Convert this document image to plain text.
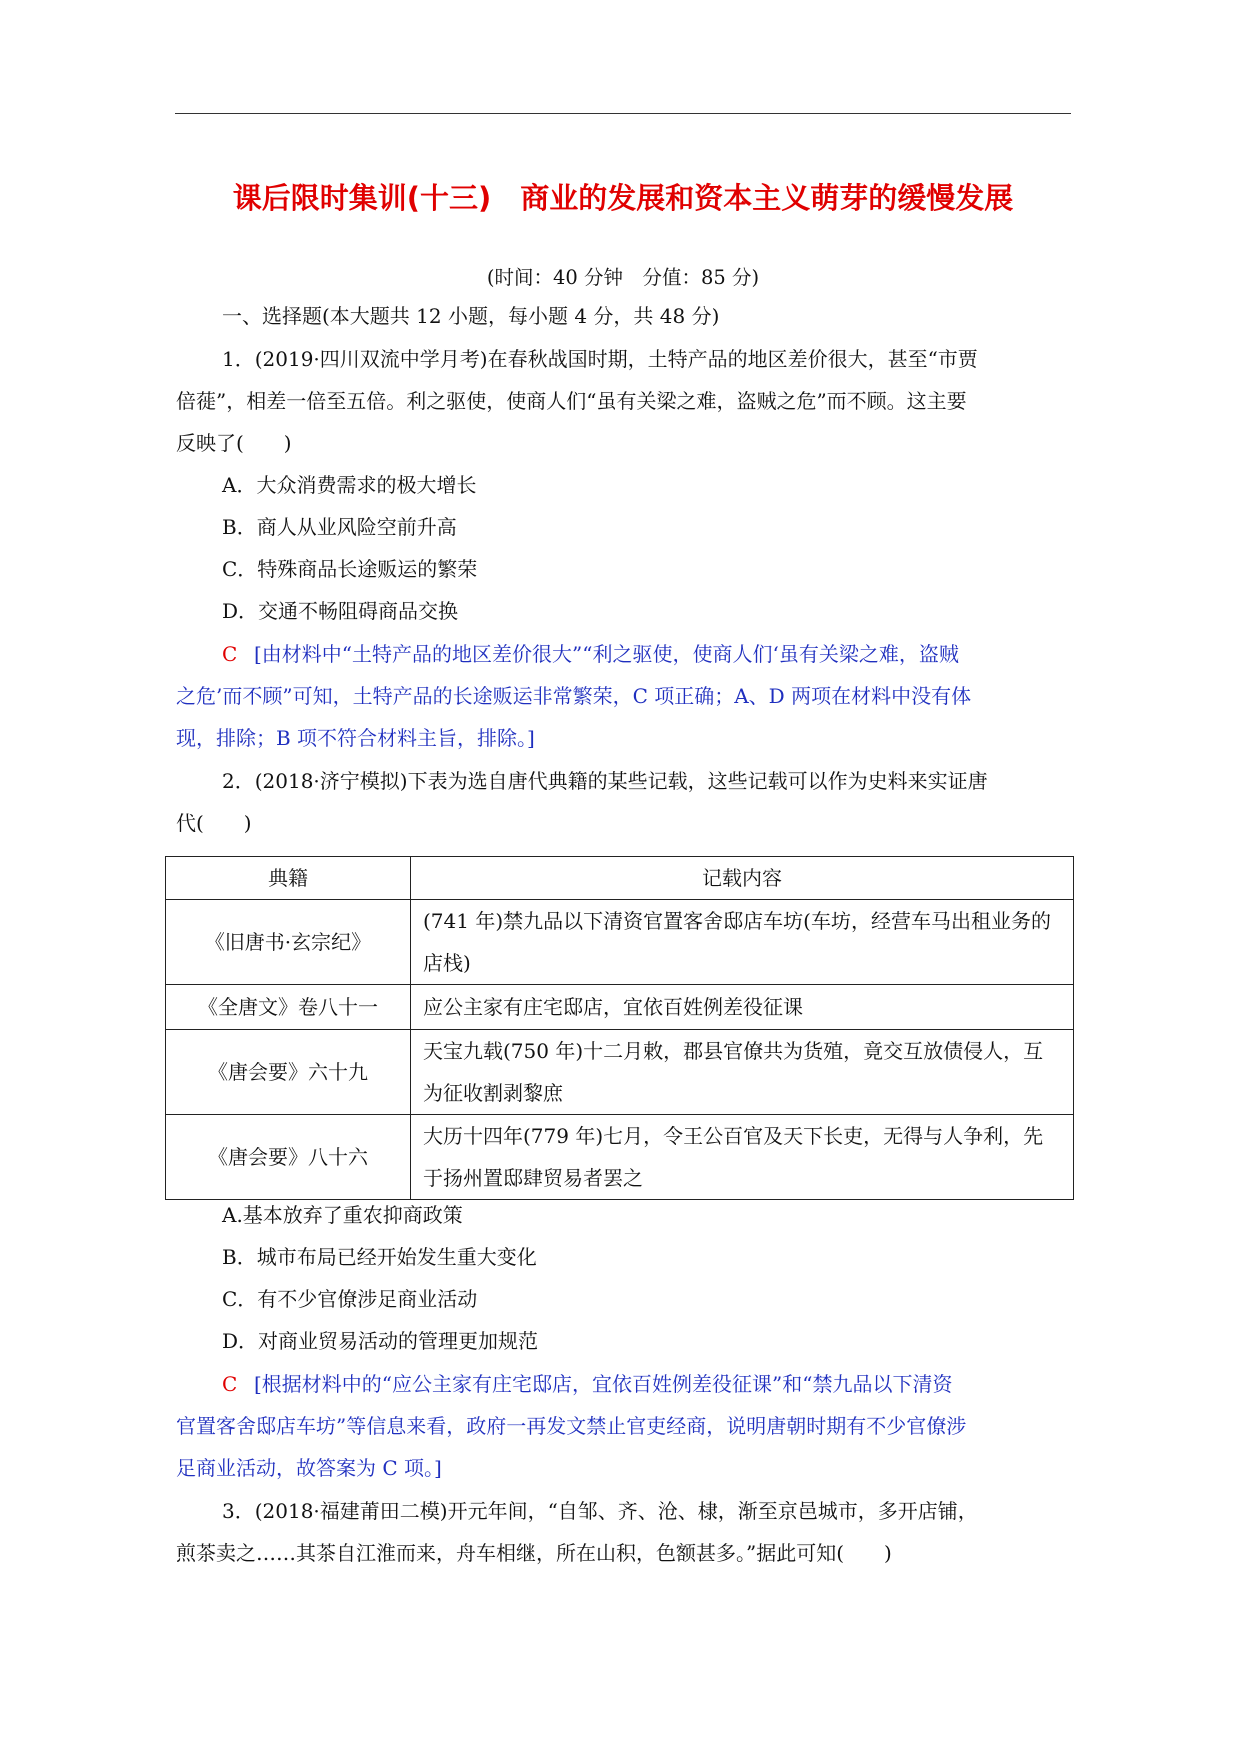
课后限时集训(十三)　商业的发展和资本主义萌芽的缓慢发展
(时间：40 分钟　分值：85 分)
一、选择题(本大题共 12 小题，每小题 4 分，共 48 分)
1．(2019·四川双流中学月考)在春秋战国时期，土特产品的地区差价很大，甚至“市贾
倍蓰”，相差一倍至五倍。利之驱使，使商人们“虽有关梁之难，盗贼之危”而不顾。这主要
反映了(　　)
A．大众消费需求的极大增长
B．商人从业风险空前升高
C．特殊商品长途贩运的繁荣
D．交通不畅阻碍商品交换
C [由材料中“土特产品的地区差价很大”“利之驱使，使商人们‘虽有关梁之难，盗贼
之危’而不顾”可知，土特产品的长途贩运非常繁荣，C 项正确；A、D 两项在材料中没有体
现，排除；B 项不符合材料主旨，排除。]
2．(2018·济宁模拟)下表为选自唐代典籍的某些记载，这些记载可以作为史料来实证唐
代(　　)
典籍	记载内容
《旧唐书·玄宗纪》	(741 年)禁九品以下清资官置客舍邸店车坊(车坊，经营车马出租业务的店栈)
《全唐文》卷八十一	应公主家有庄宅邸店，宜依百姓例差役征课
《唐会要》六十九	天宝九载(750 年)十二月敕，郡县官僚共为货殖，竟交互放债侵人，互为征收割剥黎庶
《唐会要》八十六	大历十四年(779 年)七月，令王公百官及天下长吏，无得与人争利，先于扬州置邸肆贸易者罢之
A.基本放弃了重农抑商政策
B．城市布局已经开始发生重大变化
C．有不少官僚涉足商业活动
D．对商业贸易活动的管理更加规范
C [根据材料中的“应公主家有庄宅邸店，宜依百姓例差役征课”和“禁九品以下清资
官置客舍邸店车坊”等信息来看，政府一再发文禁止官吏经商，说明唐朝时期有不少官僚涉
足商业活动，故答案为 C 项。]
3．(2018·福建莆田二模)开元年间，“自邹、齐、沧、棣，渐至京邑城市，多开店铺，
煎茶卖之……其茶自江淮而来，舟车相继，所在山积，色额甚多。”据此可知(　　)
